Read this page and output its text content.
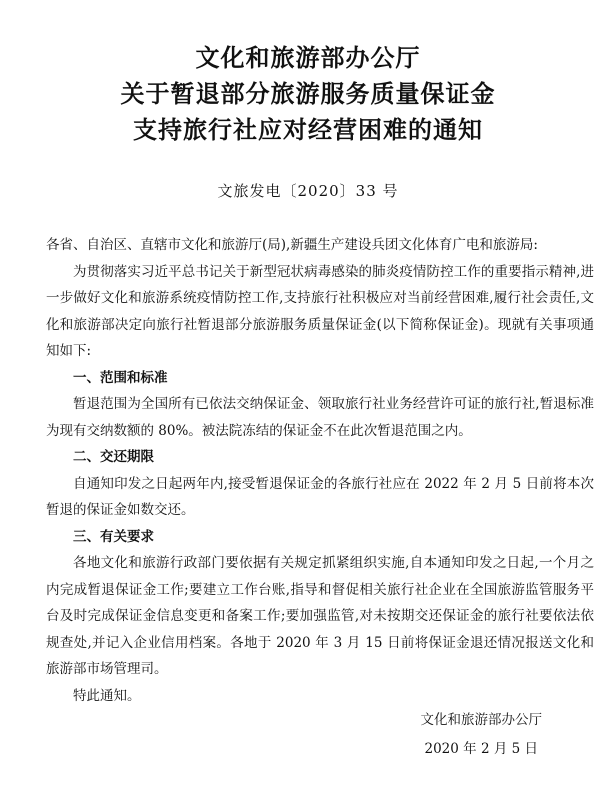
文化和旅游部办公厅
关于暂退部分旅游服务质量保证金
支持旅行社应对经营困难的通知
文旅发电〔2020〕33 号

各省、自治区、直辖市文化和旅游厅(局),新疆生产建设兵团文化体育广电和旅游局:

为贯彻落实习近平总书记关于新型冠状病毒感染的肺炎疫情防控工作的重要指示精神,进一步做好文化和旅游系统疫情防控工作,支持旅行社积极应对当前经营困难,履行社会责任,文化和旅游部决定向旅行社暂退部分旅游服务质量保证金(以下简称保证金)。现就有关事项通知如下:

一、范围和标准

暂退范围为全国所有已依法交纳保证金、领取旅行社业务经营许可证的旅行社,暂退标准为现有交纳数额的 80%。被法院冻结的保证金不在此次暂退范围之内。

二、交还期限

自通知印发之日起两年内,接受暂退保证金的各旅行社应在 2022 年 2 月 5 日前将本次暂退的保证金如数交还。

三、有关要求

各地文化和旅游行政部门要依据有关规定抓紧组织实施,自本通知印发之日起,一个月之内完成暂退保证金工作;要建立工作台账,指导和督促相关旅行社企业在全国旅游监管服务平台及时完成保证金信息变更和备案工作;要加强监管,对未按期交还保证金的旅行社要依法依规查处,并记入企业信用档案。各地于 2020 年 3 月 15 日前将保证金退还情况报送文化和旅游部市场管理司。

特此通知。

文化和旅游部办公厅
2020 年 2 月 5 日
